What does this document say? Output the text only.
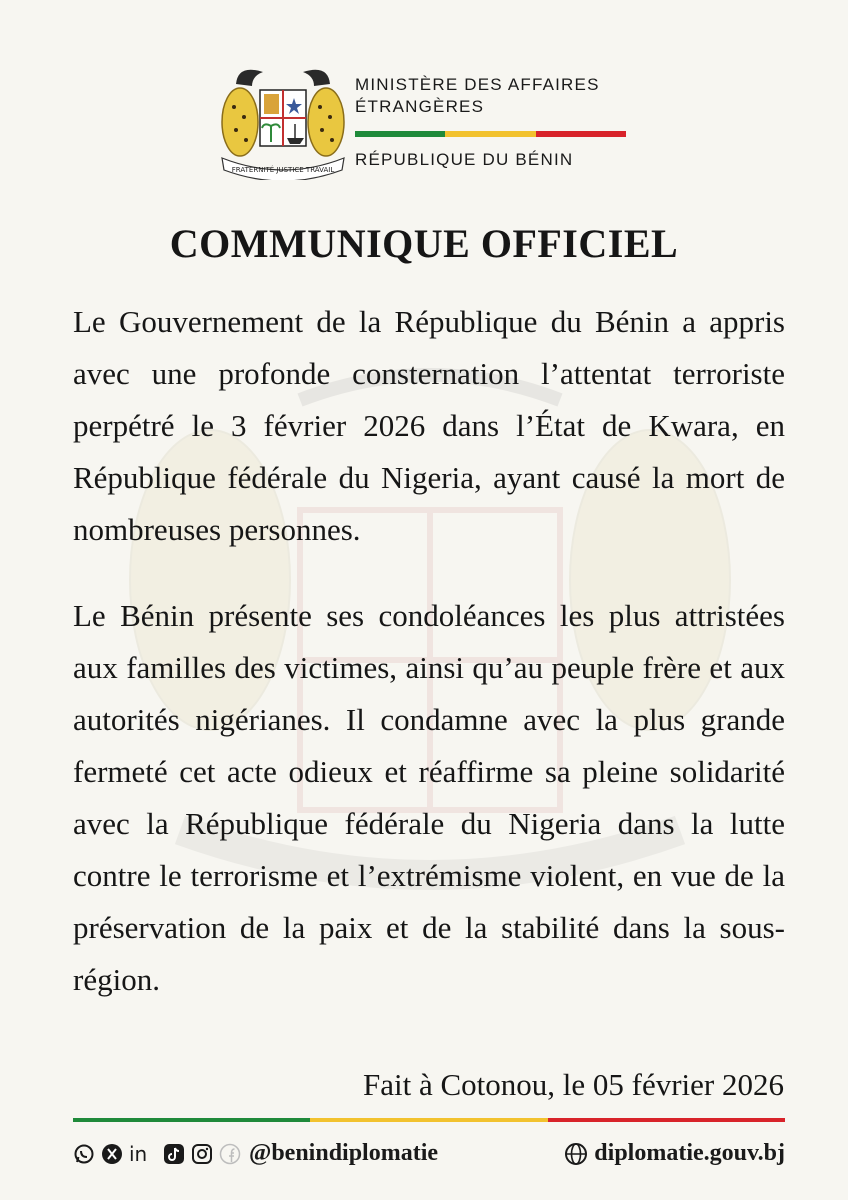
FRATERNITÉ JUSTICE TRAVAIL
MINISTÈRE DES AFFAIRES
ÉTRANGÈRES
RÉPUBLIQUE DU BÉNIN
COMMUNIQUE OFFICIEL

Le Gouvernement de la République du Bénin a appris avec une profonde consternation l’attentat terroriste perpétré le 3 février 2026 dans l’État de Kwara, en République fédérale du Nigeria, ayant causé la mort de nombreuses personnes.

Le Bénin présente ses condoléances les plus attristées aux familles des victimes, ainsi qu’au peuple frère et aux autorités nigérianes. Il condamne avec la plus grande fermeté cet acte odieux et réaffirme sa pleine solidarité avec la République fédérale du Nigeria dans la lutte contre le terrorisme et l’extrémisme violent, en vue de la préservation de la paix et de la stabilité dans la sous-région.

Fait à Cotonou, le 05 février 2026
in	@benindiplomatie	diplomatie.gouv.bj
